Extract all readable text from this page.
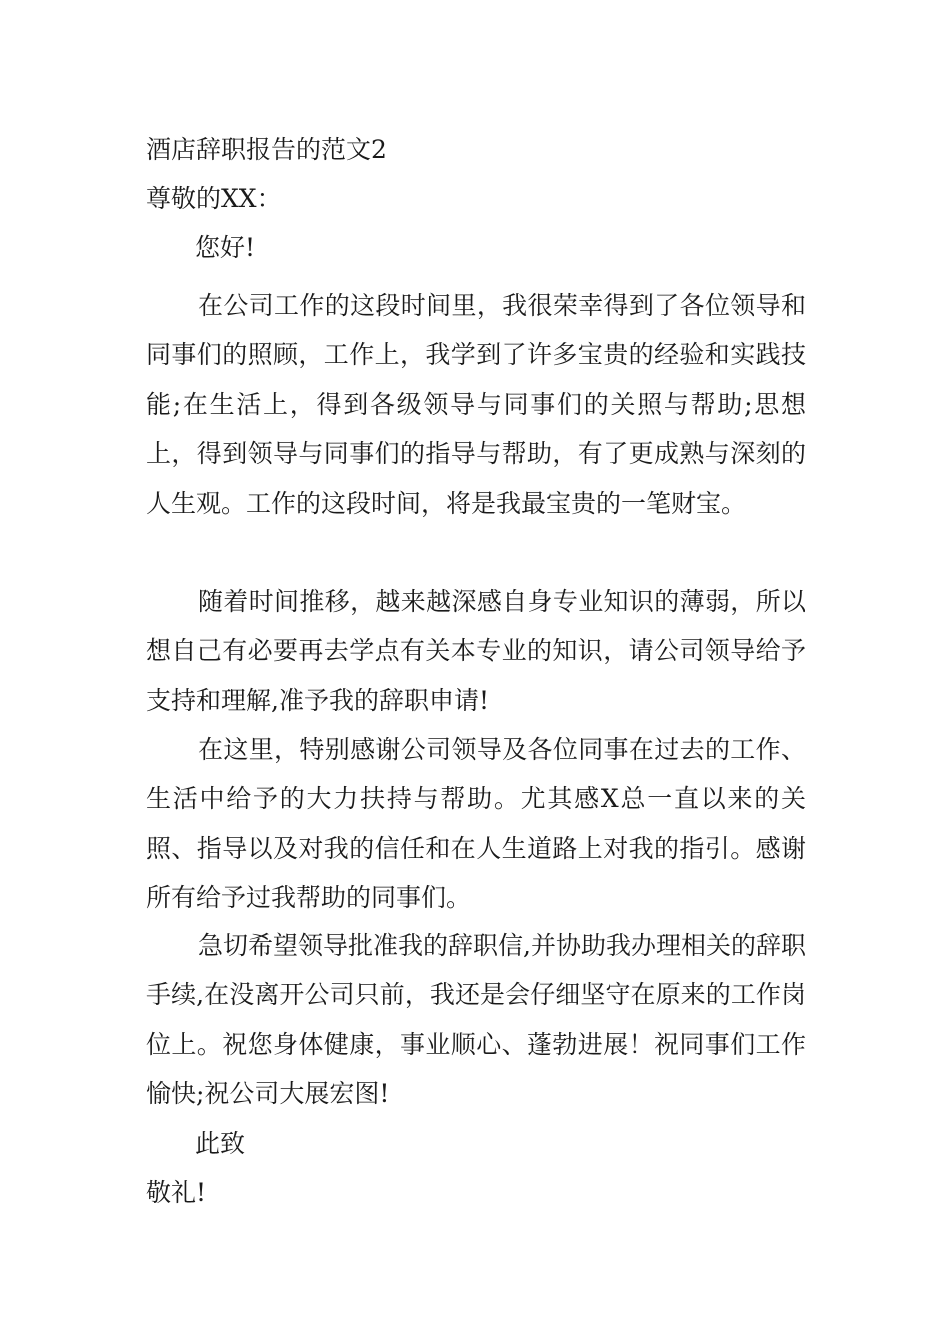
酒店辞职报告的范文2

尊敬的XX：

您好!

在公司工作的这段时间里，我很荣幸得到了各位领导和同事们的照顾，工作上，我学到了许多宝贵的经验和实践技能;在生活上，得到各级领导与同事们的关照与帮助;思想上，得到领导与同事们的指导与帮助，有了更成熟与深刻的人生观。工作的这段时间，将是我最宝贵的一笔财宝。

随着时间推移，越来越深感自身专业知识的薄弱，所以想自己有必要再去学点有关本专业的知识，请公司领导给予支持和理解,准予我的辞职申请!

在这里，特别感谢公司领导及各位同事在过去的工作、生活中给予的大力扶持与帮助。尤其感X总一直以来的关照、指导以及对我的信任和在人生道路上对我的指引。感谢所有给予过我帮助的同事们。

急切希望领导批准我的辞职信,并协助我办理相关的辞职手续,在没离开公司只前，我还是会仔细坚守在原来的工作岗位上。祝您身体健康，事业顺心、蓬勃进展！祝同事们工作愉快;祝公司大展宏图!

此致

敬礼!
